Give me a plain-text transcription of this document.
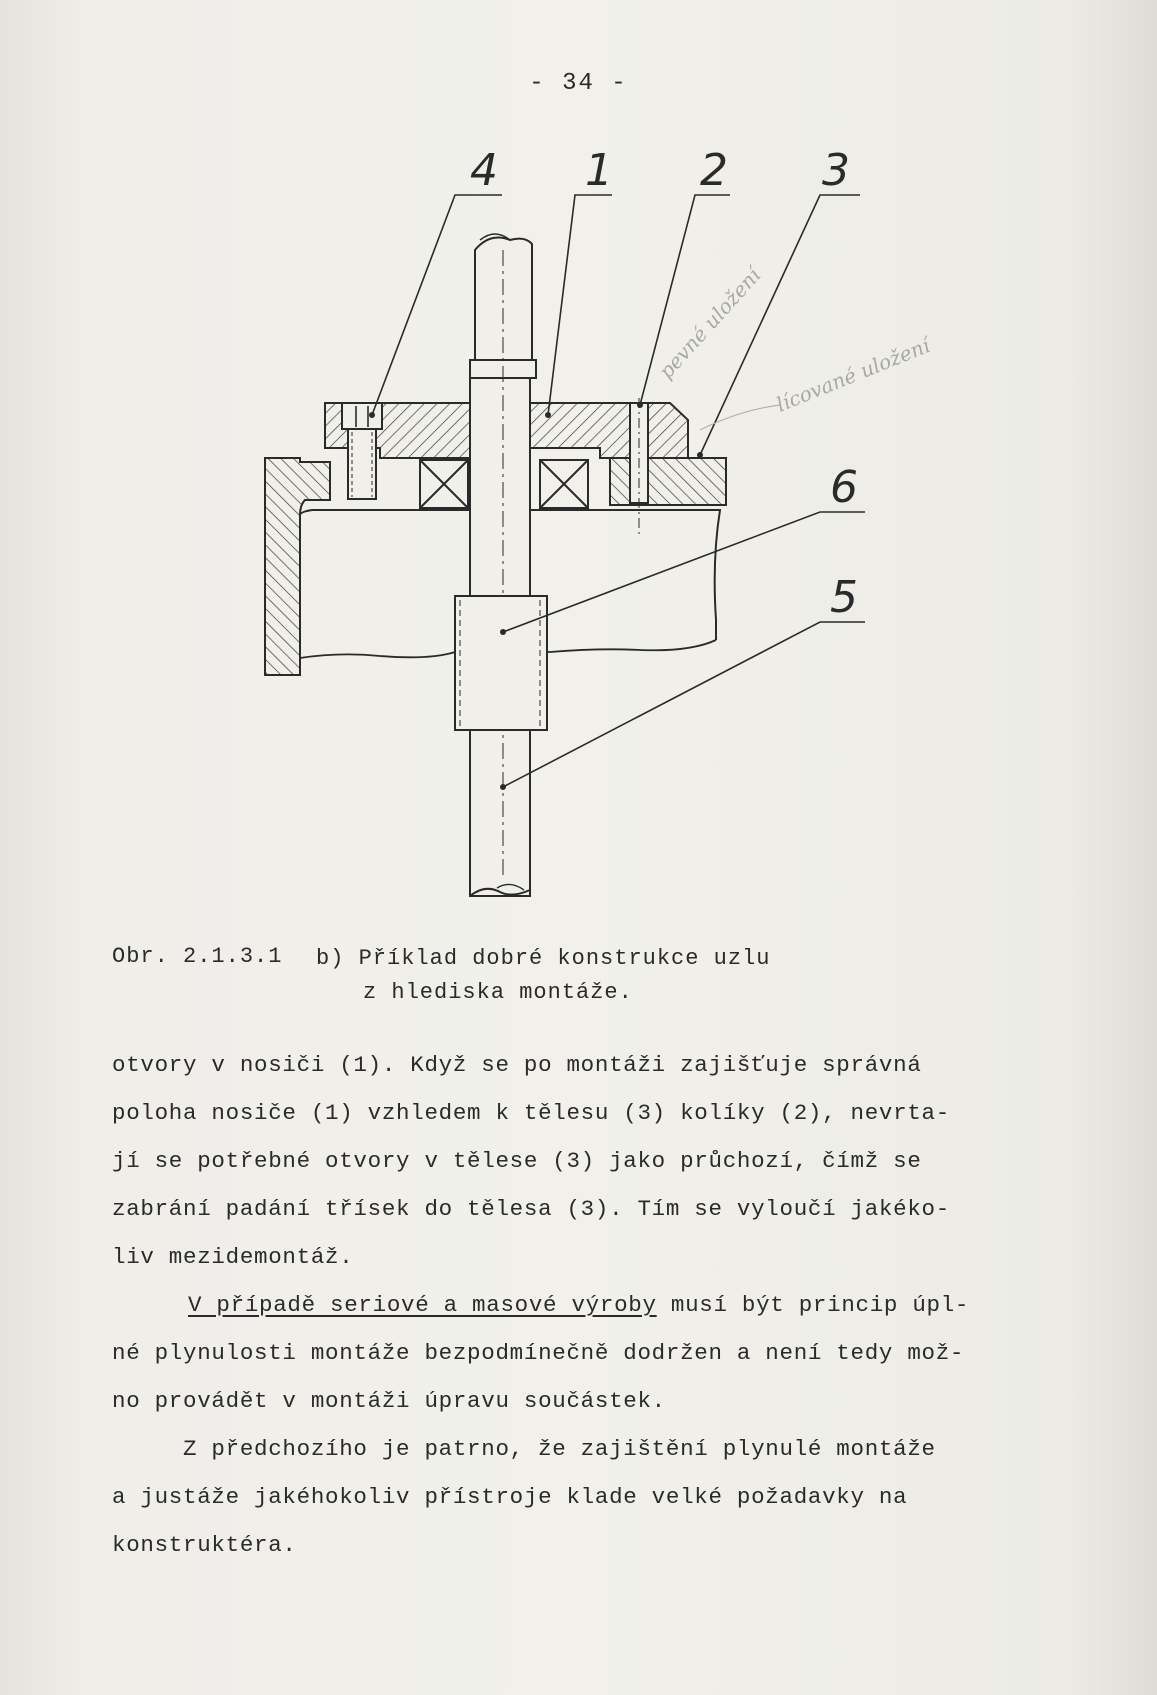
- 34 -
4 1 2 3
6
5
pevné uložení lícované uložení
Obr. 2.1.3.1 b) Příklad dobré konstrukce uzlu
z hlediska montáže.
otvory v nosiči (1). Když se po montáži zajišťuje správná
poloha nosiče (1) vzhledem k tělesu (3) kolíky (2), nevrta-
jí se potřebné otvory v tělese (3) jako průchozí, čímž se
zabrání padání třísek do tělesa (3). Tím se vyloučí jakéko-
liv mezidemontáž.
V případě seriové a masové výroby musí být princip úpl-
né plynulosti montáže bezpodmínečně dodržen a není tedy mož-
no provádět v montáži úpravu součástek.
Z předchozího je patrno, že zajištění plynulé montáže
a justáže jakéhokoliv přístroje klade velké požadavky na
konstruktéra.
